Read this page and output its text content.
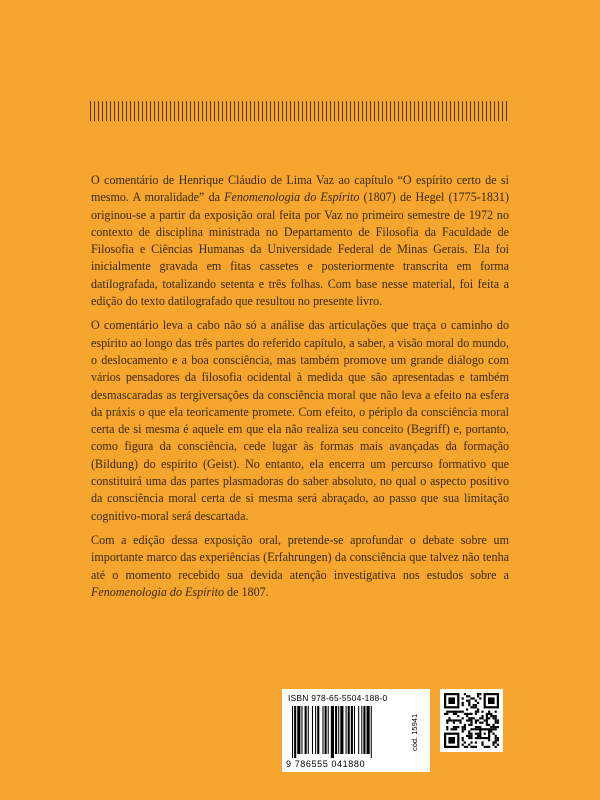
O comentário de Henrique Cláudio de Lima Vaz ao capítulo “O espírito certo de si mesmo. A moralidade” da Fenomenologia do Espírito (1807) de Hegel (1775-1831) originou-se a partir da exposição oral feita por Vaz no primeiro semestre de 1972 no contexto de disciplina ministrada no Departamento de Filosofia da Faculdade de Filosofia e Ciências Humanas da Universidade Federal de Minas Gerais. Ela foi inicialmente gravada em fitas cassetes e posteriormente transcrita em forma datilografada, totalizando setenta e três folhas. Com base nesse material, foi feita a edição do texto datilografado que resultou no presente livro.

O comentário leva a cabo não só a análise das articulações que traça o caminho do espírito ao longo das três partes do referido capítulo, a saber, a visão moral do mundo, o deslocamento e a boa consciência, mas também promove um grande diálogo com vários pensadores da filosofia ocidental à medida que são apresentadas e também desmascaradas as tergiversações da consciência moral que não leva a efeito na esfera da práxis o que ela teoricamente promete. Com efeito, o périplo da consciência moral certa de si mesma é aquele em que ela não realiza seu conceito (Begriff) e, portanto, como figura da consciência, cede lugar às formas mais avançadas da formação (Bildung) do espírito (Geist). No entanto, ela encerra um percurso formativo que constituirá uma das partes plasmadoras do saber absoluto, no qual o aspecto positivo da consciência moral certa de si mesma será abraçado, ao passo que sua limitação cognitivo-moral será descartada.

Com a edição dessa exposição oral, pretende-se aprofundar o debate sobre um importante marco das experiências (Erfahrungen) da consciência que talvez não tenha até o momento recebido sua devida atenção investigativa nos estudos sobre a Fenomenologia do Espírito de 1807.

ISBN 978-65-5504-188-0
9 786555 041880
cód. 15941
